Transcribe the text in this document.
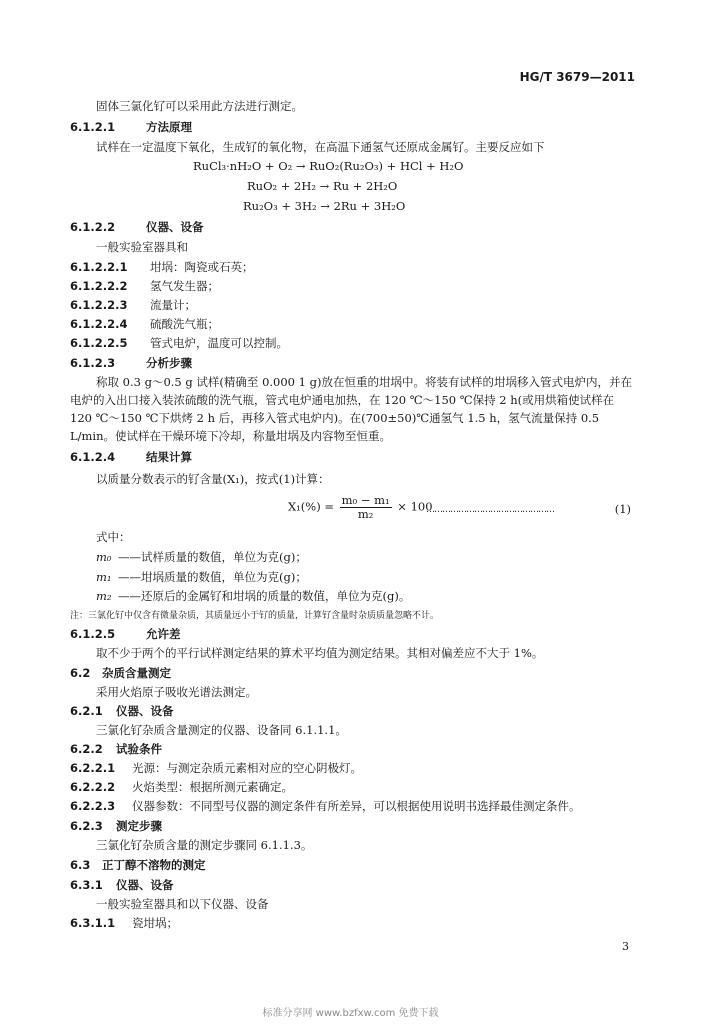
HG/T 3679—2011
固体三氯化钌可以采用此方法进行测定。
6.1.2.1	方法原理
试样在一定温度下氧化，生成钌的氧化物，在高温下通氢气还原成金属钌。主要反应如下
RuCl₃·nH₂O + O₂ → RuO₂(Ru₂O₃) + HCl + H₂O
RuO₂ + 2H₂ → Ru + 2H₂O
Ru₂O₃ + 3H₂ → 2Ru + 3H₂O
6.1.2.2	仪器、设备
一般实验室器具和
6.1.2.2.1 坩埚：陶瓷或石英；
6.1.2.2.2 氢气发生器；
6.1.2.2.3 流量计；
6.1.2.2.4 硫酸洗气瓶；
6.1.2.2.5 管式电炉，温度可以控制。
6.1.2.3	分析步骤
称取 0.3 g～0.5 g 试样(精确至 0.000 1 g)放在恒重的坩埚中。将装有试样的坩埚移入管式电炉内，并在电炉的入出口接入装浓硫酸的洗气瓶，管式电炉通电加热，在 120 ℃～150 ℃保持 2 h(或用烘箱使试样在 120 ℃～150 ℃下烘烤 2 h 后，再移入管式电炉内)。在(700±50)℃通氢气 1.5 h，氢气流量保持 0.5 L/min。使试样在干燥环境下冷却，称量坩埚及内容物至恒重。
6.1.2.4	结果计算
以质量分数表示的钌含量(X₁)，按式(1)计算：
$X_1(\%) = \frac{\text{m₀ − m₁}}{\text{m₂}} \times 100$
…………………………………………	(1)
式中：
m₀ ——试样质量的数值，单位为克(g)；
m₁ ——坩埚质量的数值，单位为克(g)；
m₂ ——还原后的金属钌和坩埚的质量的数值，单位为克(g)。
注：三氯化钌中仅含有微量杂质，其质量远小于钌的质量，计算钌含量时杂质质量忽略不计。
6.1.2.5	允许差
取不少于两个的平行试样测定结果的算术平均值为测定结果。其相对偏差应不大于 1%。
6.2 杂质含量测定
采用火焰原子吸收光谱法测定。
6.2.1 仪器、设备
三氯化钌杂质含量测定的仪器、设备同 6.1.1.1。
6.2.2 试验条件
6.2.2.1 光源：与测定杂质元素相对应的空心阴极灯。
6.2.2.2 火焰类型：根据所测元素确定。
6.2.2.3 仪器参数：不同型号仪器的测定条件有所差异，可以根据使用说明书选择最佳测定条件。
6.2.3 测定步骤
三氯化钌杂质含量的测定步骤同 6.1.1.3。
6.3 正丁醇不溶物的测定
6.3.1 仪器、设备
一般实验室器具和以下仪器、设备
6.3.1.1 瓷坩埚；
3
标准分享网 www.bzfxw.com 免费下载
